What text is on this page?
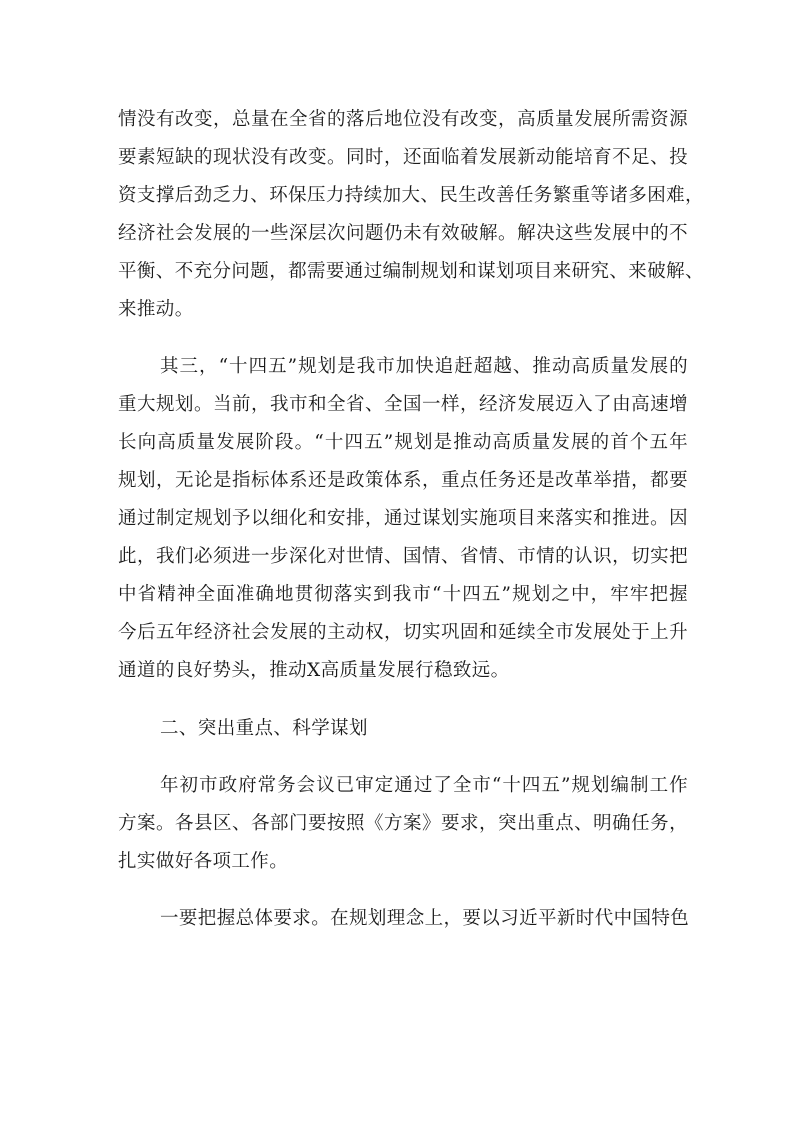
情没有改变，总量在全省的落后地位没有改变，高质量发展所需资源
要素短缺的现状没有改变。同时，还面临着发展新动能培育不足、投
资支撑后劲乏力、环保压力持续加大、民生改善任务繁重等诸多困难，
经济社会发展的一些深层次问题仍未有效破解。解决这些发展中的不
平衡、不充分问题，都需要通过编制规划和谋划项目来研究、来破解、
来推动。
其三，“十四五”规划是我市加快追赶超越、推动高质量发展的
重大规划。当前，我市和全省、全国一样，经济发展迈入了由高速增
长向高质量发展阶段。“十四五”规划是推动高质量发展的首个五年
规划，无论是指标体系还是政策体系，重点任务还是改革举措，都要
通过制定规划予以细化和安排，通过谋划实施项目来落实和推进。因
此，我们必须进一步深化对世情、国情、省情、市情的认识，切实把
中省精神全面准确地贯彻落实到我市“十四五”规划之中，牢牢把握
今后五年经济社会发展的主动权，切实巩固和延续全市发展处于上升
通道的良好势头，推动X高质量发展行稳致远。
二、突出重点、科学谋划
年初市政府常务会议已审定通过了全市“十四五”规划编制工作
方案。各县区、各部门要按照《方案》要求，突出重点、明确任务，
扎实做好各项工作。
一要把握总体要求。在规划理念上，要以习近平新时代中国特色
